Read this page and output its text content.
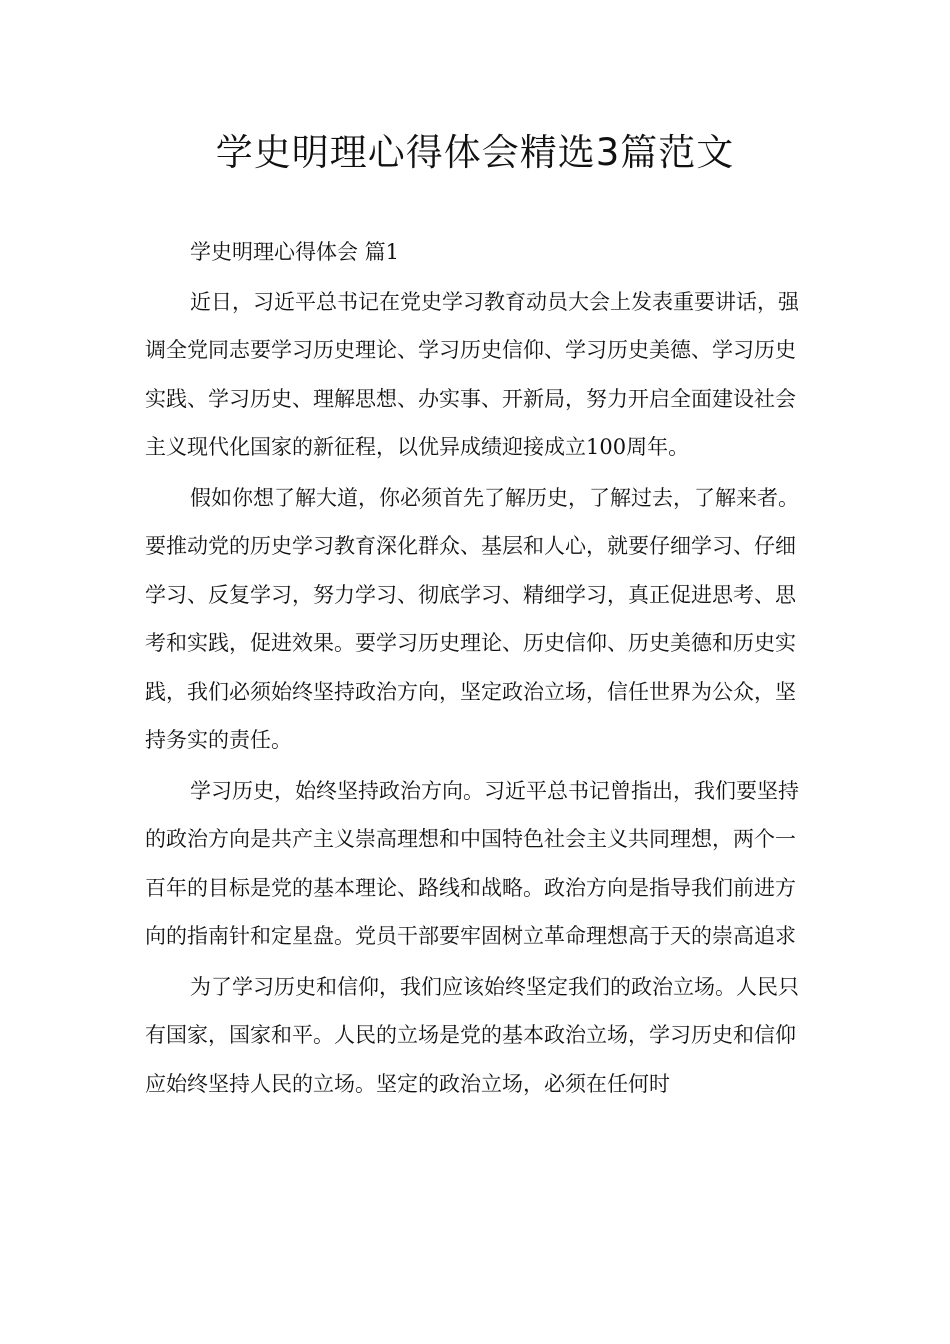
学史明理心得体会精选3篇范文

学史明理心得体会 篇1

近日，习近平总书记在党史学习教育动员大会上发表重要讲话，强调全党同志要学习历史理论、学习历史信仰、学习历史美德、学习历史实践、学习历史、理解思想、办实事、开新局，努力开启全面建设社会主义现代化国家的新征程，以优异成绩迎接成立100周年。

假如你想了解大道，你必须首先了解历史，了解过去，了解来者。要推动党的历史学习教育深化群众、基层和人心，就要仔细学习、仔细学习、反复学习，努力学习、彻底学习、精细学习，真正促进思考、思考和实践，促进效果。要学习历史理论、历史信仰、历史美德和历史实践，我们必须始终坚持政治方向，坚定政治立场，信任世界为公众，坚持务实的责任。

学习历史，始终坚持政治方向。习近平总书记曾指出，我们要坚持的政治方向是共产主义崇高理想和中国特色社会主义共同理想，两个一百年的目标是党的基本理论、路线和战略。政治方向是指导我们前进方向的指南针和定星盘。党员干部要牢固树立革命理想高于天的崇高追求

为了学习历史和信仰，我们应该始终坚定我们的政治立场。人民只有国家，国家和平。人民的立场是党的基本政治立场，学习历史和信仰应始终坚持人民的立场。坚定的政治立场，必须在任何时
